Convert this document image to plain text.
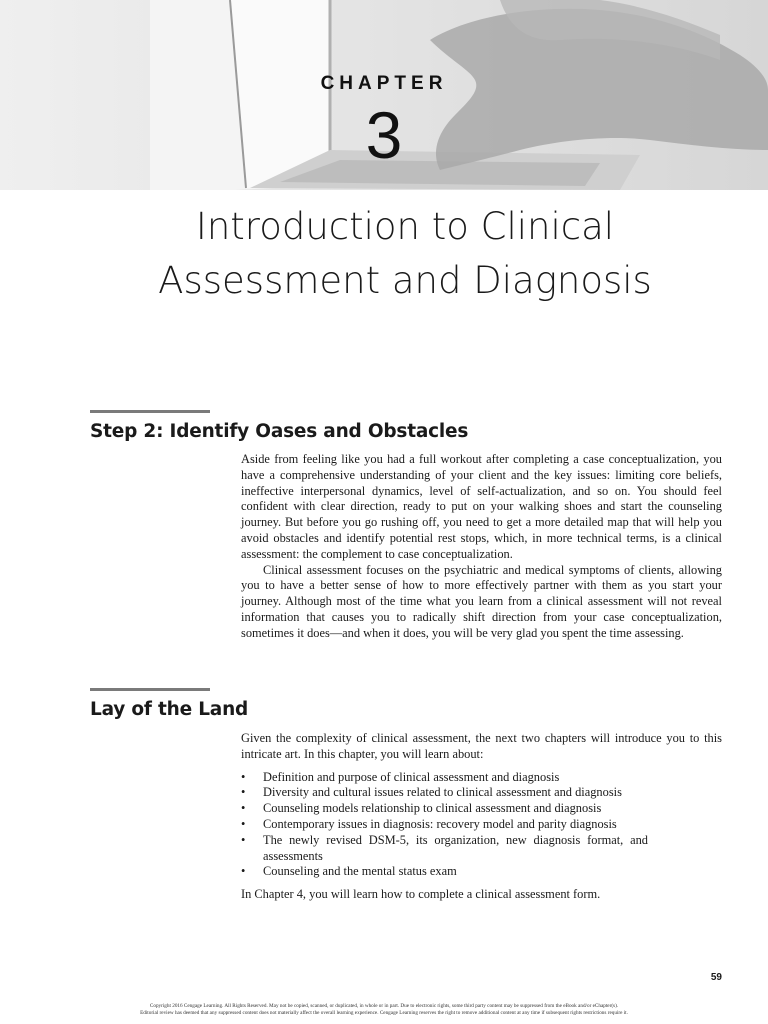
CHAPTER
3
Introduction to Clinical
Assessment and Diagnosis
Step 2: Identify Oases and Obstacles

Aside from feeling like you had a full workout after completing a case conceptualization, you have a comprehensive understanding of your client and the key issues: limiting core beliefs, ineffective interpersonal dynamics, level of self-actualization, and so on. You should feel confident with clear direction, ready to put on your walking shoes and start the counseling journey. But before you go rushing off, you need to get a more detailed map that will help you avoid obstacles and identify potential rest stops, which, in more technical terms, is a clinical assessment: the complement to case conceptualization.

Clinical assessment focuses on the psychiatric and medical symptoms of clients, allowing you to have a better sense of how to more effectively partner with them as you start your journey. Although most of the time what you learn from a clinical assessment will not reveal information that causes you to radically shift direction from your case conceptualization, sometimes it does—and when it does, you will be very glad you spent the time assessing.

Lay of the Land

Given the complexity of clinical assessment, the next two chapters will introduce you to this intricate art. In this chapter, you will learn about:

• Definition and purpose of clinical assessment and diagnosis
• Diversity and cultural issues related to clinical assessment and diagnosis
• Counseling models relationship to clinical assessment and diagnosis
• Contemporary issues in diagnosis: recovery model and parity diagnosis
• The newly revised DSM-5, its organization, new diagnosis format, and assessments
• Counseling and the mental status exam

In Chapter 4, you will learn how to complete a clinical assessment form.

59
Copyright 2016 Cengage Learning. All Rights Reserved. May not be copied, scanned, or duplicated, in whole or in part. Due to electronic rights, some third party content may be suppressed from the eBook and/or eChapter(s).
Editorial review has deemed that any suppressed content does not materially affect the overall learning experience. Cengage Learning reserves the right to remove additional content at any time if subsequent rights restrictions require it.
